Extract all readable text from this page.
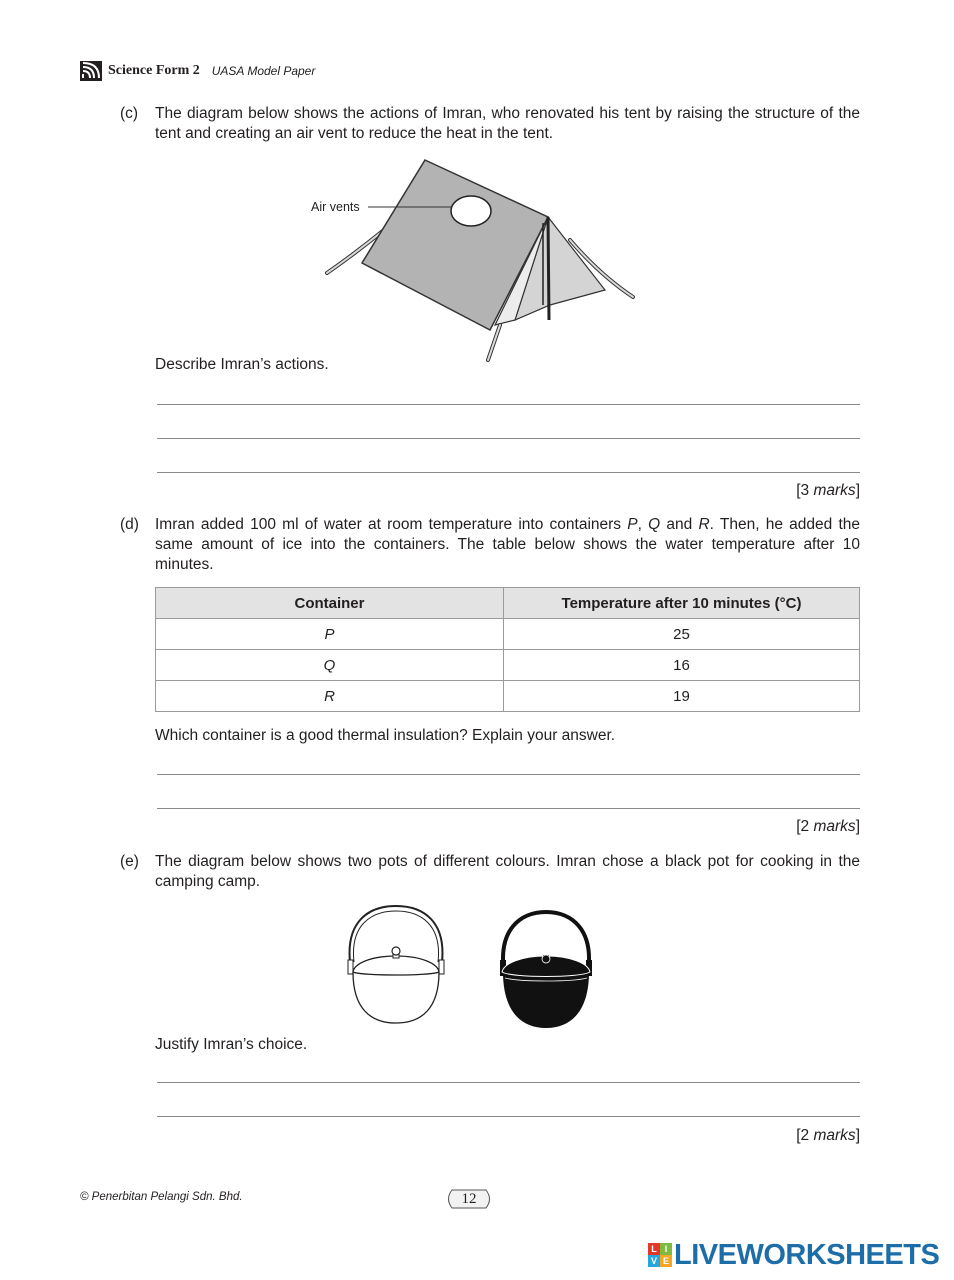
Science Form 2 UASA Model Paper
(c) The diagram below shows the actions of Imran, who renovated his tent by raising the structure of the tent and creating an air vent to reduce the heat in the tent.
Air vents
Describe Imran’s actions.
[3 marks]
(d) Imran added 100 ml of water at room temperature into containers P, Q and R. Then, he added the same amount of ice into the containers. The table below shows the water temperature after 10 minutes.
Container	Temperature after 10 minutes (°C)
P	25
Q	16
R	19
Which container is a good thermal insulation? Explain your answer.
[2 marks]
(e) The diagram below shows two pots of different colours. Imran chose a black pot for cooking in the camping camp.
Justify Imran’s choice.
[2 marks]
© Penerbitan Pelangi Sdn. Bhd.	12
L I
V E LIVEWORKSHEETS
